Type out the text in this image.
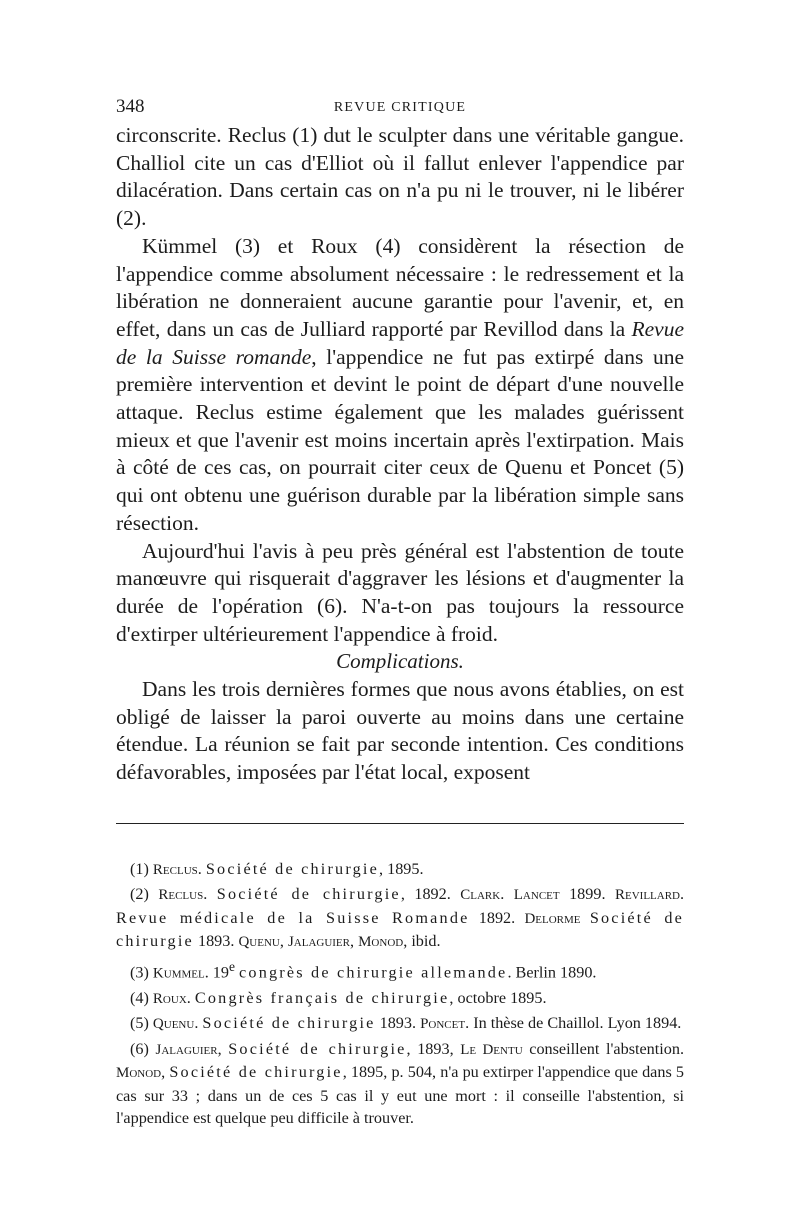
348	REVUE CRITIQUE

circonscrite. Reclus (1) dut le sculpter dans une véritable gangue. Challiol cite un cas d'Elliot où il fallut enlever l'appendice par dilacération. Dans certain cas on n'a pu ni le trouver, ni le libérer (2).

Kümmel (3) et Roux (4) considèrent la résection de l'appendice comme absolument nécessaire : le redressement et la libération ne donneraient aucune garantie pour l'avenir, et, en effet, dans un cas de Julliard rapporté par Revillod dans la Revue de la Suisse romande, l'appendice ne fut pas extirpé dans une première intervention et devint le point de départ d'une nouvelle attaque. Reclus estime également que les malades guérissent mieux et que l'avenir est moins incertain après l'extirpation. Mais à côté de ces cas, on pourrait citer ceux de Quenu et Poncet (5) qui ont obtenu une guérison durable par la libération simple sans résection.

Aujourd'hui l'avis à peu près général est l'abstention de toute manœuvre qui risquerait d'aggraver les lésions et d'augmenter la durée de l'opération (6). N'a-t-on pas toujours la ressource d'extirper ultérieurement l'appendice à froid.

Complications.

Dans les trois dernières formes que nous avons établies, on est obligé de laisser la paroi ouverte au moins dans une certaine étendue. La réunion se fait par seconde intention. Ces conditions défavorables, imposées par l'état local, exposent

(1) Reclus. Société de chirurgie, 1895.

(2) Reclus. Société de chirurgie, 1892. Clark. Lancet 1899. Revillard. Revue médicale de la Suisse Romande 1892. Delorme Société de chirurgie 1893. Quenu, Jalaguier, Monod, ibid.

(3) Kummel. 19e congrès de chirurgie allemande. Berlin 1890.

(4) Roux. Congrès français de chirurgie, octobre 1895.

(5) Quenu. Société de chirurgie 1893. Poncet. In thèse de Chaillol. Lyon 1894.

(6) Jalaguier, Société de chirurgie, 1893, Le Dentu conseillent l'abstention. Monod, Société de chirurgie, 1895, p. 504, n'a pu extirper l'appendice que dans 5 cas sur 33 ; dans un de ces 5 cas il y eut une mort : il conseille l'abstention, si l'appendice est quelque peu difficile à trouver.
